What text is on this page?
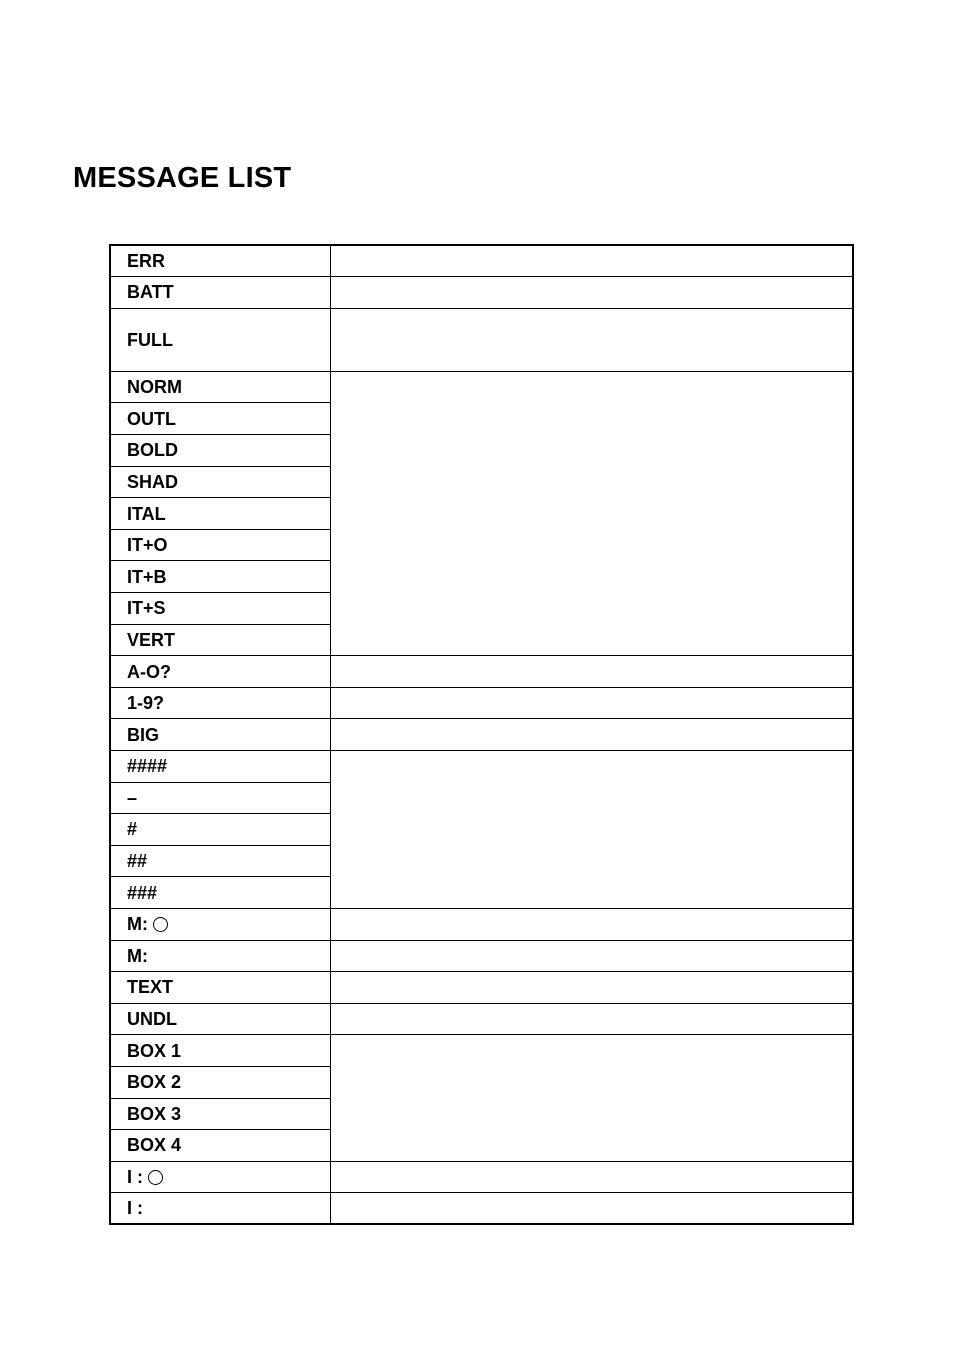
MESSAGE LIST
ERR	
BATT	
FULL	
NORM	
OUTL	
BOLD	
SHAD	
ITAL	
IT+O	
IT+B	
IT+S	
VERT	
A-O?	
1-9?	
BIG	
####	
–	
#	
##	
###	
M:	
M:	
TEXT	
UNDL	
BOX 1	
BOX 2	
BOX 3	
BOX 4	
I :	
I :	
